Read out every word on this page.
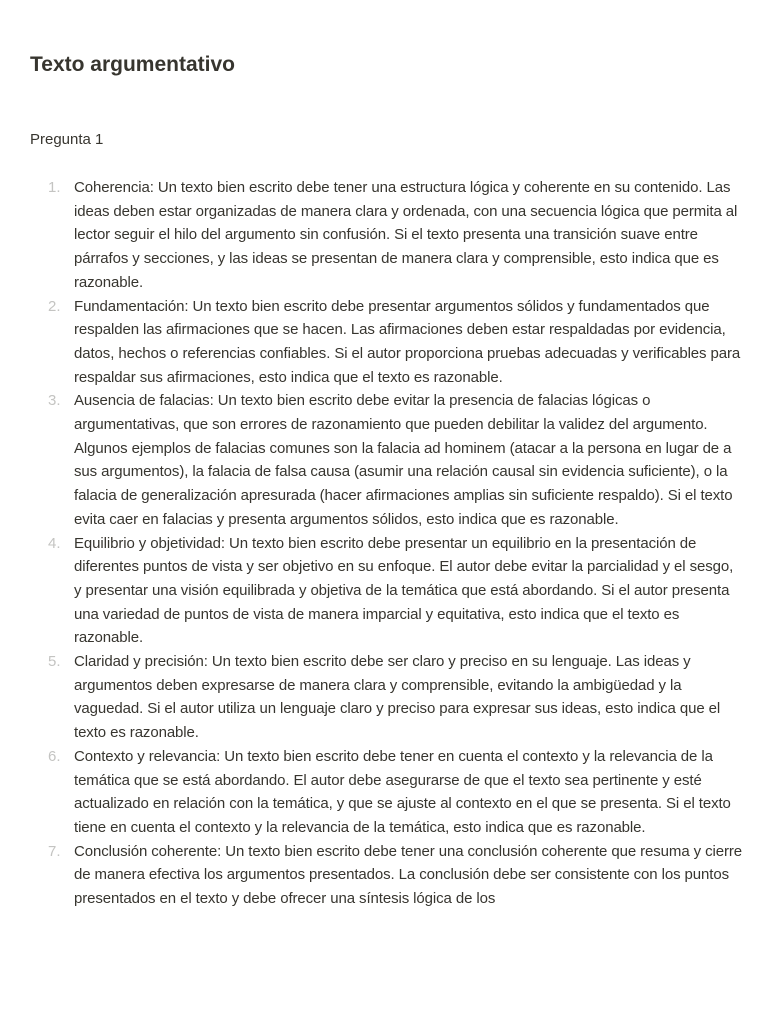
Texto argumentativo

Pregunta 1

1. Coherencia: Un texto bien escrito debe tener una estructura lógica y coherente en su contenido. Las ideas deben estar organizadas de manera clara y ordenada, con una secuencia lógica que permita al lector seguir el hilo del argumento sin confusión. Si el texto presenta una transición suave entre párrafos y secciones, y las ideas se presentan de manera clara y comprensible, esto indica que es razonable.
2. Fundamentación: Un texto bien escrito debe presentar argumentos sólidos y fundamentados que respalden las afirmaciones que se hacen. Las afirmaciones deben estar respaldadas por evidencia, datos, hechos o referencias confiables. Si el autor proporciona pruebas adecuadas y verificables para respaldar sus afirmaciones, esto indica que el texto es razonable.
3. Ausencia de falacias: Un texto bien escrito debe evitar la presencia de falacias lógicas o argumentativas, que son errores de razonamiento que pueden debilitar la validez del argumento. Algunos ejemplos de falacias comunes son la falacia ad hominem (atacar a la persona en lugar de a sus argumentos), la falacia de falsa causa (asumir una relación causal sin evidencia suficiente), o la falacia de generalización apresurada (hacer afirmaciones amplias sin suficiente respaldo). Si el texto evita caer en falacias y presenta argumentos sólidos, esto indica que es razonable.
4. Equilibrio y objetividad: Un texto bien escrito debe presentar un equilibrio en la presentación de diferentes puntos de vista y ser objetivo en su enfoque. El autor debe evitar la parcialidad y el sesgo, y presentar una visión equilibrada y objetiva de la temática que está abordando. Si el autor presenta una variedad de puntos de vista de manera imparcial y equitativa, esto indica que el texto es razonable.
5. Claridad y precisión: Un texto bien escrito debe ser claro y preciso en su lenguaje. Las ideas y argumentos deben expresarse de manera clara y comprensible, evitando la ambigüedad y la vaguedad. Si el autor utiliza un lenguaje claro y preciso para expresar sus ideas, esto indica que el texto es razonable.
6. Contexto y relevancia: Un texto bien escrito debe tener en cuenta el contexto y la relevancia de la temática que se está abordando. El autor debe asegurarse de que el texto sea pertinente y esté actualizado en relación con la temática, y que se ajuste al contexto en el que se presenta. Si el texto tiene en cuenta el contexto y la relevancia de la temática, esto indica que es razonable.
7. Conclusión coherente: Un texto bien escrito debe tener una conclusión coherente que resuma y cierre de manera efectiva los argumentos presentados. La conclusión debe ser consistente con los puntos presentados en el texto y debe ofrecer una síntesis lógica de los
